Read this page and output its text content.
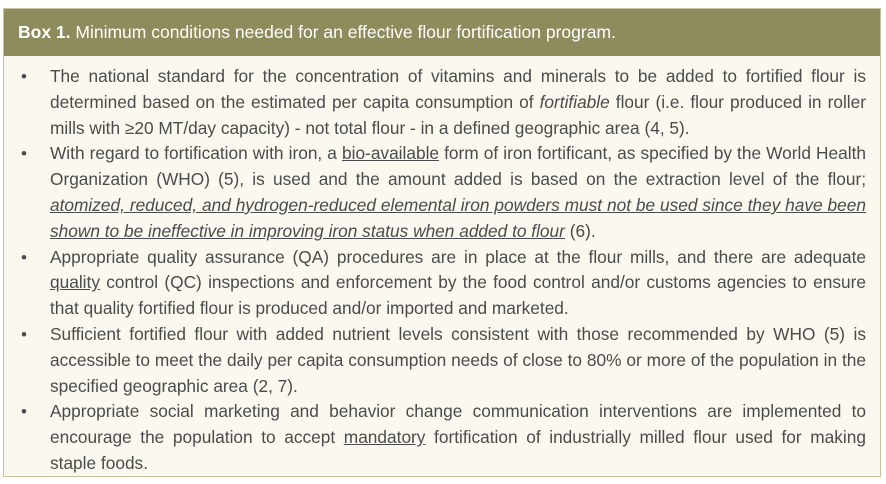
Box 1. Minimum conditions needed for an effective flour fortification program.
• The national standard for the concentration of vitamins and minerals to be added to fortified flour is determined based on the estimated per capita consumption of fortifiable flour (i.e. flour produced in roller mills with ≥20 MT/day capacity) - not total flour - in a defined geographic area (4, 5).
• With regard to fortification with iron, a bio-available form of iron fortificant, as specified by the World Health Organization (WHO) (5), is used and the amount added is based on the extraction level of the flour; atomized, reduced, and hydrogen-reduced elemental iron powders must not be used since they have been shown to be ineffective in improving iron status when added to flour (6).
• Appropriate quality assurance (QA) procedures are in place at the flour mills, and there are adequate quality control (QC) inspections and enforcement by the food control and/or customs agencies to ensure that quality fortified flour is produced and/or imported and marketed.
• Sufficient fortified flour with added nutrient levels consistent with those recommended by WHO (5) is accessible to meet the daily per capita consumption needs of close to 80% or more of the population in the specified geographic area (2, 7).
• Appropriate social marketing and behavior change communication interventions are implemented to encourage the population to accept mandatory fortification of industrially milled flour used for making staple foods.
